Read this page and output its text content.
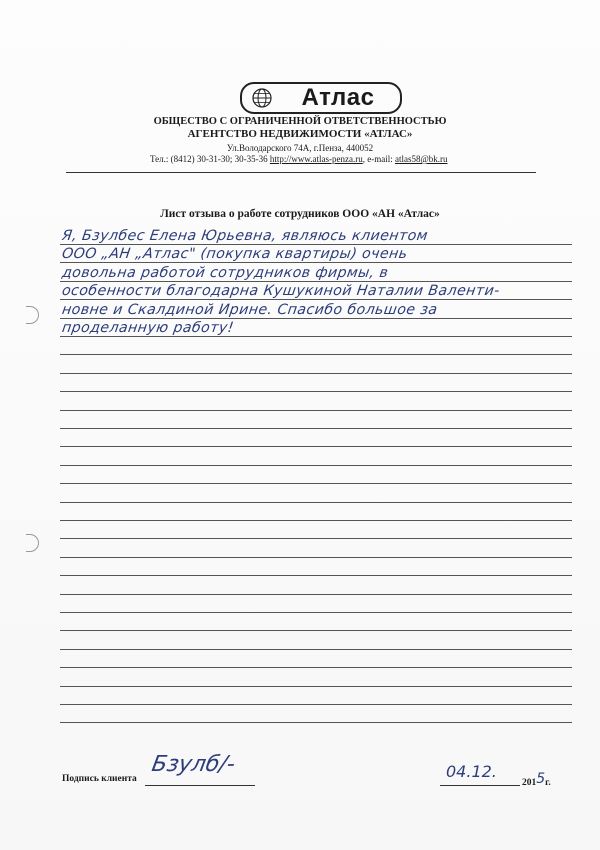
Атлас
ОБЩЕСТВО С ОГРАНИЧЕННОЙ ОТВЕТСТВЕННОСТЬЮ
АГЕНТСТВО НЕДВИЖИМОСТИ «АТЛАС»
Ул.Володарского 74А, г.Пенза, 440052
Тел.: (8412) 30-31-30; 30-35-36 http://www.atlas-penza.ru, e-mail: atlas58@bk.ru
Лист отзыва о работе сотрудников ООО «АН «Атлас»
Я, Бзулбес Елена Юрьевна, являюсь клиентом
ООО „АН „Атлас" (покупка квартиры) очень
довольна работой сотрудников фирмы, в
особенности благодарна Кушукиной Наталии Валенти-
новне и Скалдиной Ирине. Спасибо большое за
проделанную работу!
Подпись клиента
Бзулб/-	04.12.
2015г.
